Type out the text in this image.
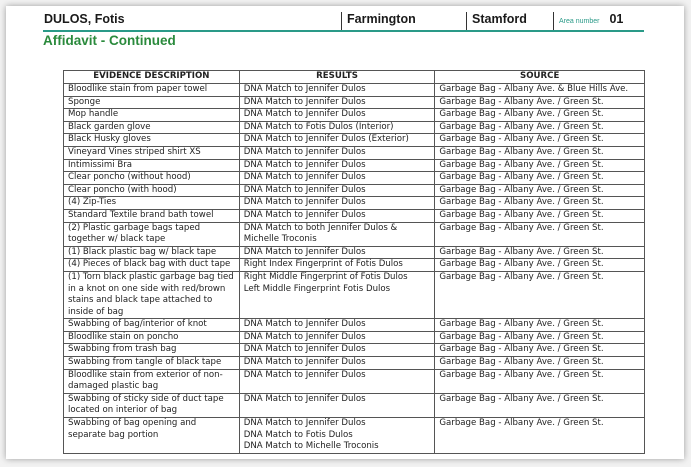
DULOS, Fotis	Farmington	Stamford	Area number 01
Affidavit - Continued
EVIDENCE DESCRIPTION	RESULTS	SOURCE
Bloodlike stain from paper towel	DNA Match to Jennifer Dulos	Garbage Bag - Albany Ave. & Blue Hills Ave.
Sponge	DNA Match to Jennifer Dulos	Garbage Bag - Albany Ave. / Green St.
Mop handle	DNA Match to Jennifer Dulos	Garbage Bag - Albany Ave. / Green St.
Black garden glove	DNA Match to Fotis Dulos (Interior)	Garbage Bag - Albany Ave. / Green St.
Black Husky gloves	DNA Match to Jennifer Dulos (Exterior)	Garbage Bag - Albany Ave. / Green St.
Vineyard Vines striped shirt XS	DNA Match to Jennifer Dulos	Garbage Bag - Albany Ave. / Green St.
Intimissimi Bra	DNA Match to Jennifer Dulos	Garbage Bag - Albany Ave. / Green St.
Clear poncho (without hood)	DNA Match to Jennifer Dulos	Garbage Bag - Albany Ave. / Green St.
Clear poncho (with hood)	DNA Match to Jennifer Dulos	Garbage Bag - Albany Ave. / Green St.
(4) Zip-Ties	DNA Match to Jennifer Dulos	Garbage Bag - Albany Ave. / Green St.
Standard Textile brand bath towel	DNA Match to Jennifer Dulos	Garbage Bag - Albany Ave. / Green St.
(2) Plastic garbage bags taped together w/ black tape	DNA Match to both Jennifer Dulos &
Michelle Troconis	Garbage Bag - Albany Ave. / Green St.
(1) Black plastic bag w/ black tape	DNA Match to Jennifer Dulos	Garbage Bag - Albany Ave. / Green St.
(4) Pieces of black bag with duct tape	Right Index Fingerprint of Fotis Dulos	Garbage Bag - Albany Ave. / Green St.
(1) Torn black plastic garbage bag tied in a knot on one side with red/brown stains and black tape attached to inside of bag	Right Middle Fingerprint of Fotis Dulos
Left Middle Fingerprint Fotis Dulos	Garbage Bag - Albany Ave. / Green St.
Swabbing of bag/interior of knot	DNA Match to Jennifer Dulos	Garbage Bag - Albany Ave. / Green St.
Bloodlike stain on poncho	DNA Match to Jennifer Dulos	Garbage Bag - Albany Ave. / Green St.
Swabbing from trash bag	DNA Match to Jennifer Dulos	Garbage Bag - Albany Ave. / Green St.
Swabbing from tangle of black tape	DNA Match to Jennifer Dulos	Garbage Bag - Albany Ave. / Green St.
Bloodlike stain from exterior of non-damaged plastic bag	DNA Match to Jennifer Dulos	Garbage Bag - Albany Ave. / Green St.
Swabbing of sticky side of duct tape located on interior of bag	DNA Match to Jennifer Dulos	Garbage Bag - Albany Ave. / Green St.
Swabbing of bag opening and separate bag portion	DNA Match to Jennifer Dulos
DNA Match to Fotis Dulos
DNA Match to Michelle Troconis	Garbage Bag - Albany Ave. / Green St.
